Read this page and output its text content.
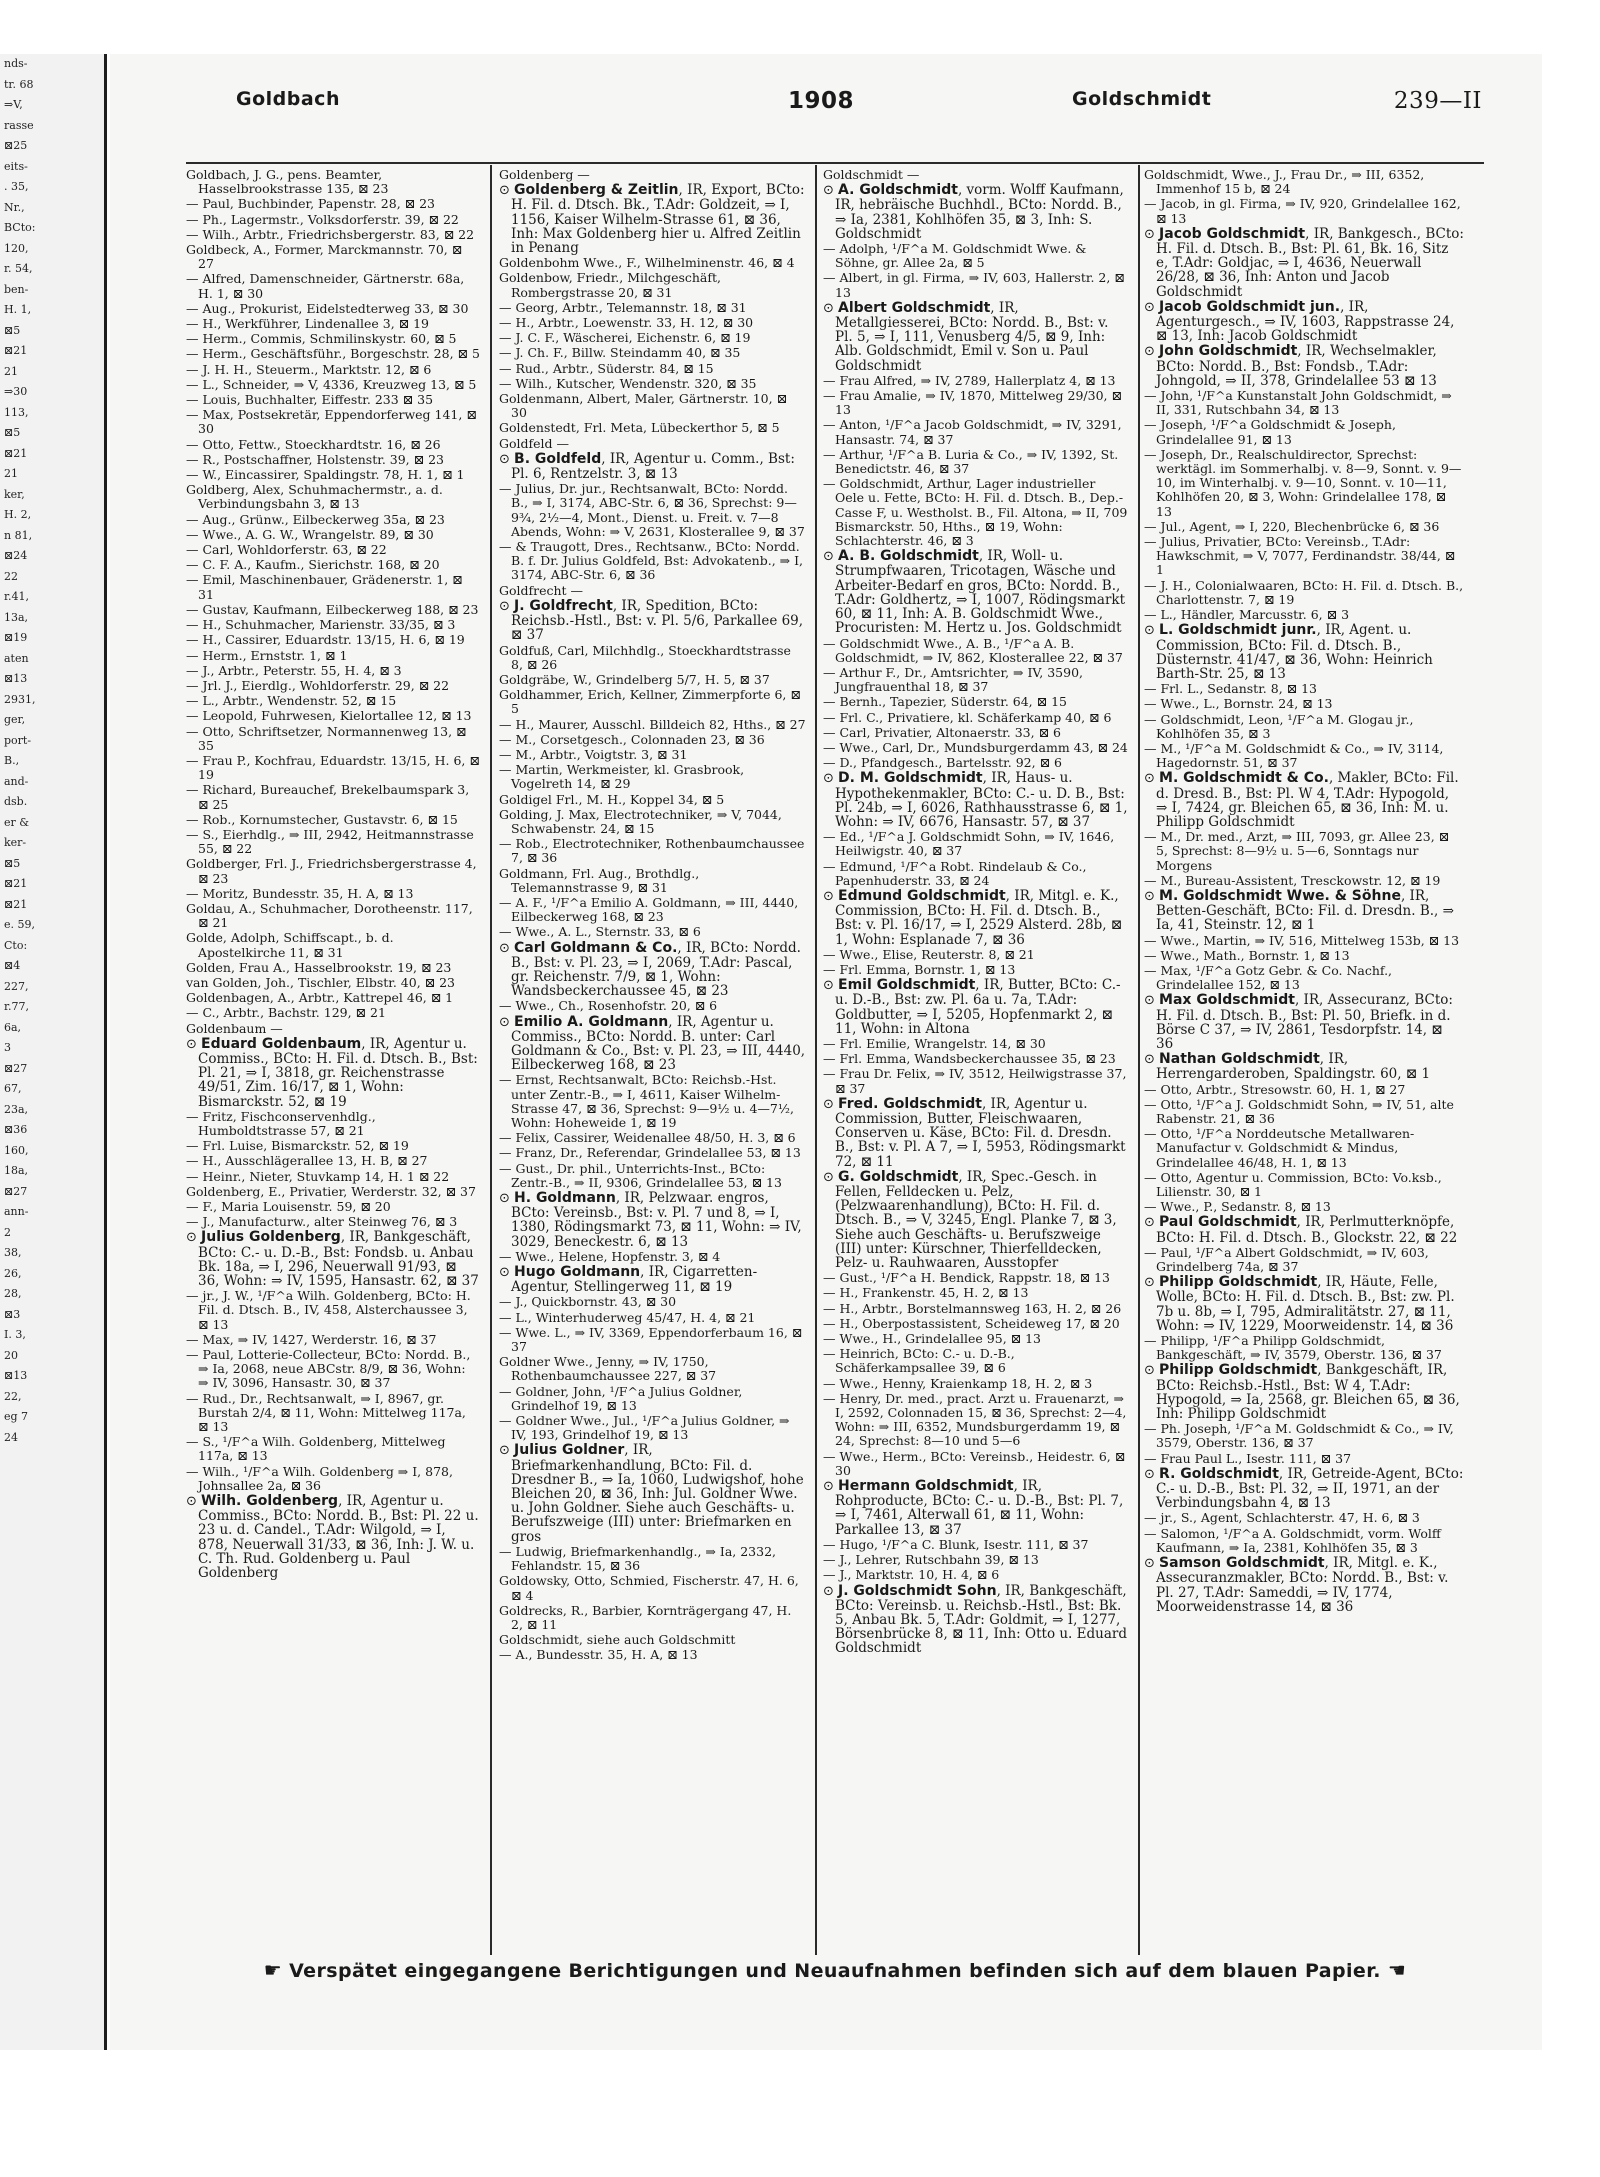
nds-
tr. 68
⇒V,
rasse
⊠25
eits-
. 35,
Nr.,
BCto:
120,
r. 54,
ben-
H. 1,
⊠5
⊠21
21
⇒30
113,
⊠5
⊠21
21
ker,
H. 2,
n 81,
⊠24
22
r.41,
13a,
⊠19
aten
⊠13
2931,
ger,
port-
B.,
and-
dsb.
er &
ker-
⊠5
⊠21
⊠21
e. 59,
Cto:
⊠4
227,
r.77,
6a,
3
⊠27
67,
23a,
⊠36
160,
18a,
⊠27
ann-
2
38,
26,
28,
⊠3
I. 3,
20
⊠13
22,
eg 7
24
Goldbach	1908	Goldschmidt	239—II
Goldbach, J. G., pens. Beamter, Hasselbrookstrasse 135, ⊠ 23
— Paul, Buchbinder, Papenstr. 28, ⊠ 23
— Ph., Lagermstr., Volksdorferstr. 39, ⊠ 22
— Wilh., Arbtr., Friedrichsbergerstr. 83, ⊠ 22
Goldbeck, A., Former, Marckmannstr. 70, ⊠ 27
— Alfred, Damenschneider, Gärtnerstr. 68a, H. 1, ⊠ 30
— Aug., Prokurist, Eidelstedterweg 33, ⊠ 30
— H., Werkführer, Lindenallee 3, ⊠ 19
— Herm., Commis, Schmilinskystr. 60, ⊠ 5
— Herm., Geschäftsführ., Borgeschstr. 28, ⊠ 5
— J. H. H., Steuerm., Marktstr. 12, ⊠ 6
— L., Schneider, ⇒ V, 4336, Kreuzweg 13, ⊠ 5
— Louis, Buchhalter, Eiffestr. 233 ⊠ 35
— Max, Postsekretär, Eppendorferweg 141, ⊠ 30
— Otto, Fettw., Stoeckhardtstr. 16, ⊠ 26
— R., Postschaffner, Holstenstr. 39, ⊠ 23
— W., Eincassirer, Spaldingstr. 78, H. 1, ⊠ 1
Goldberg, Alex, Schuhmachermstr., a. d. Verbindungsbahn 3, ⊠ 13
— Aug., Grünw., Eilbeckerweg 35a, ⊠ 23
— Wwe., A. G. W., Wrangelstr. 89, ⊠ 30
— Carl, Wohldorferstr. 63, ⊠ 22
— C. F. A., Kaufm., Sierichstr. 168, ⊠ 20
— Emil, Maschinenbauer, Grädenerstr. 1, ⊠ 31
— Gustav, Kaufmann, Eilbeckerweg 188, ⊠ 23
— H., Schuhmacher, Marienstr. 33/35, ⊠ 3
— H., Cassirer, Eduardstr. 13/15, H. 6, ⊠ 19
— Herm., Ernststr. 1, ⊠ 1
— J., Arbtr., Peterstr. 55, H. 4, ⊠ 3
— Jrl. J., Eierdlg., Wohldorferstr. 29, ⊠ 22
— L., Arbtr., Wendenstr. 52, ⊠ 15
— Leopold, Fuhrwesen, Kielortallee 12, ⊠ 13
— Otto, Schriftsetzer, Normannenweg 13, ⊠ 35
— Frau P., Kochfrau, Eduardstr. 13/15, H. 6, ⊠ 19
— Richard, Bureauchef, Brekelbaumspark 3, ⊠ 25
— Rob., Kornumstecher, Gustavstr. 6, ⊠ 15
— S., Eierhdlg., ⇒ III, 2942, Heitmannstrasse 55, ⊠ 22
Goldberger, Frl. J., Friedrichsbergerstrasse 4, ⊠ 23
— Moritz, Bundesstr. 35, H. A, ⊠ 13
Goldau, A., Schuhmacher, Dorotheenstr. 117, ⊠ 21
Golde, Adolph, Schiffscapt., b. d. Apostelkirche 11, ⊠ 31
Golden, Frau A., Hasselbrookstr. 19, ⊠ 23
van Golden, Joh., Tischler, Elbstr. 40, ⊠ 23
Goldenbagen, A., Arbtr., Kattrepel 46, ⊠ 1
— C., Arbtr., Bachstr. 129, ⊠ 21
Goldenbaum —
⊙ Eduard Goldenbaum, IR, Agentur u. Commiss., BCto: H. Fil. d. Dtsch. B., Bst: Pl. 21, ⇒ I, 3818, gr. Reichenstrasse 49/51, Zim. 16/17, ⊠ 1, Wohn: Bismarckstr. 52, ⊠ 19
— Fritz, Fischconservenhdlg., Humboldtstrasse 57, ⊠ 21
— Frl. Luise, Bismarckstr. 52, ⊠ 19
— H., Ausschlägerallee 13, H. B, ⊠ 27
— Heinr., Nieter, Stuvkamp 14, H. 1 ⊠ 22
Goldenberg, E., Privatier, Werderstr. 32, ⊠ 37
— F., Maria Louisenstr. 59, ⊠ 20
— J., Manufacturw., alter Steinweg 76, ⊠ 3
⊙ Julius Goldenberg, IR, Bankgeschäft, BCto: C.- u. D.-B., Bst: Fondsb. u. Anbau Bk. 18a, ⇒ I, 296, Neuerwall 91/93, ⊠ 36, Wohn: ⇒ IV, 1595, Hansastr. 62, ⊠ 37
— jr., J. W., ¹/F^a Wilh. Goldenberg, BCto: H. Fil. d. Dtsch. B., IV, 458, Alsterchaussee 3, ⊠ 13
— Max, ⇒ IV, 1427, Werderstr. 16, ⊠ 37
— Paul, Lotterie-Collecteur, BCto: Nordd. B., ⇒ Ia, 2068, neue ABCstr. 8/9, ⊠ 36, Wohn: ⇒ IV, 3096, Hansastr. 30, ⊠ 37
— Rud., Dr., Rechtsanwalt, ⇒ I, 8967, gr. Burstah 2/4, ⊠ 11, Wohn: Mittelweg 117a, ⊠ 13
— S., ¹/F^a Wilh. Goldenberg, Mittelweg 117a, ⊠ 13
— Wilh., ¹/F^a Wilh. Goldenberg ⇒ I, 878, Johnsallee 2a, ⊠ 36
⊙ Wilh. Goldenberg, IR, Agentur u. Commiss., BCto: Nordd. B., Bst: Pl. 22 u. 23 u. d. Candel., T.Adr: Wilgold, ⇒ I, 878, Neuerwall 31/33, ⊠ 36, Inh: J. W. u. C. Th. Rud. Goldenberg u. Paul Goldenberg
Goldenberg —
⊙ Goldenberg & Zeitlin, IR, Export, BCto: H. Fil. d. Dtsch. Bk., T.Adr: Goldzeit, ⇒ I, 1156, Kaiser Wilhelm-Strasse 61, ⊠ 36, Inh: Max Goldenberg hier u. Alfred Zeitlin in Penang
Goldenbohm Wwe., F., Wilhelminenstr. 46, ⊠ 4
Goldenbow, Friedr., Milchgeschäft, Rombergstrasse 20, ⊠ 31
— Georg, Arbtr., Telemannstr. 18, ⊠ 31
— H., Arbtr., Loewenstr. 33, H. 12, ⊠ 30
— J. C. F., Wäscherei, Eichenstr. 6, ⊠ 19
— J. Ch. F., Billw. Steindamm 40, ⊠ 35
— Rud., Arbtr., Süderstr. 84, ⊠ 15
— Wilh., Kutscher, Wendenstr. 320, ⊠ 35
Goldenmann, Albert, Maler, Gärtnerstr. 10, ⊠ 30
Goldenstedt, Frl. Meta, Lübeckerthor 5, ⊠ 5
Goldfeld —
⊙ B. Goldfeld, IR, Agentur u. Comm., Bst: Pl. 6, Rentzelstr. 3, ⊠ 13
— Julius, Dr. jur., Rechtsanwalt, BCto: Nordd. B., ⇒ I, 3174, ABC-Str. 6, ⊠ 36, Sprechst: 9—9¾, 2½—4, Mont., Dienst. u. Freit. v. 7—8 Abends, Wohn: ⇒ V, 2631, Klosterallee 9, ⊠ 37
— & Traugott, Dres., Rechtsanw., BCto: Nordd. B. f. Dr. Julius Goldfeld, Bst: Advokatenb., ⇒ I, 3174, ABC-Str. 6, ⊠ 36
Goldfrecht —
⊙ J. Goldfrecht, IR, Spedition, BCto: Reichsb.-Hstl., Bst: v. Pl. 5/6, Parkallee 69, ⊠ 37
Goldfuß, Carl, Milchhdlg., Stoeckhardtstrasse 8, ⊠ 26
Goldgräbe, W., Grindelberg 5/7, H. 5, ⊠ 37
Goldhammer, Erich, Kellner, Zimmerpforte 6, ⊠ 5
— H., Maurer, Ausschl. Billdeich 82, Hths., ⊠ 27
— M., Corsetgesch., Colonnaden 23, ⊠ 36
— M., Arbtr., Voigtstr. 3, ⊠ 31
— Martin, Werkmeister, kl. Grasbrook, Vogelreth 14, ⊠ 29
Goldigel Frl., M. H., Koppel 34, ⊠ 5
Golding, J. Max, Electrotechniker, ⇒ V, 7044, Schwabenstr. 24, ⊠ 15
— Rob., Electrotechniker, Rothenbaumchaussee 7, ⊠ 36
Goldmann, Frl. Aug., Brothdlg., Telemannstrasse 9, ⊠ 31
— A. F., ¹/F^a Emilio A. Goldmann, ⇒ III, 4440, Eilbeckerweg 168, ⊠ 23
— Wwe., A. L., Sternstr. 33, ⊠ 6
⊙ Carl Goldmann & Co., IR, BCto: Nordd. B., Bst: v. Pl. 23, ⇒ I, 2069, T.Adr: Pascal, gr. Reichenstr. 7/9, ⊠ 1, Wohn: Wandsbeckerchaussee 45, ⊠ 23
— Wwe., Ch., Rosenhofstr. 20, ⊠ 6
⊙ Emilio A. Goldmann, IR, Agentur u. Commiss., BCto: Nordd. B. unter: Carl Goldmann & Co., Bst: v. Pl. 23, ⇒ III, 4440, Eilbeckerweg 168, ⊠ 23
— Ernst, Rechtsanwalt, BCto: Reichsb.-Hst. unter Zentr.-B., ⇒ I, 4611, Kaiser Wilhelm-Strasse 47, ⊠ 36, Sprechst: 9—9½ u. 4—7½, Wohn: Hoheweide 1, ⊠ 19
— Felix, Cassirer, Weidenallee 48/50, H. 3, ⊠ 6
— Franz, Dr., Referendar, Grindelallee 53, ⊠ 13
— Gust., Dr. phil., Unterrichts-Inst., BCto: Zentr.-B., ⇒ II, 9306, Grindelallee 53, ⊠ 13
⊙ H. Goldmann, IR, Pelzwaar. engros, BCto: Vereinsb., Bst: v. Pl. 7 und 8, ⇒ I, 1380, Rödingsmarkt 73, ⊠ 11, Wohn: ⇒ IV, 3029, Beneckestr. 6, ⊠ 13
— Wwe., Helene, Hopfenstr. 3, ⊠ 4
⊙ Hugo Goldmann, IR, Cigarretten-Agentur, Stellingerweg 11, ⊠ 19
— J., Quickbornstr. 43, ⊠ 30
— L., Winterhuderweg 45/47, H. 4, ⊠ 21
— Wwe. L., ⇒ IV, 3369, Eppendorferbaum 16, ⊠ 37
Goldner Wwe., Jenny, ⇒ IV, 1750, Rothenbaumchaussee 227, ⊠ 37
— Goldner, John, ¹/F^a Julius Goldner, Grindelhof 19, ⊠ 13
— Goldner Wwe., Jul., ¹/F^a Julius Goldner, ⇒ IV, 193, Grindelhof 19, ⊠ 13
⊙ Julius Goldner, IR, Briefmarkenhandlung, BCto: Fil. d. Dresdner B., ⇒ Ia, 1060, Ludwigshof, hohe Bleichen 20, ⊠ 36, Inh: Jul. Goldner Wwe. u. John Goldner. Siehe auch Geschäfts- u. Berufszweige (III) unter: Briefmarken en gros
— Ludwig, Briefmarkenhandlg., ⇒ Ia, 2332, Fehlandstr. 15, ⊠ 36
Goldowsky, Otto, Schmied, Fischerstr. 47, H. 6, ⊠ 4
Goldrecks, R., Barbier, Kornträgergang 47, H. 2, ⊠ 11
Goldschmidt, siehe auch Goldschmitt
— A., Bundesstr. 35, H. A, ⊠ 13
Goldschmidt —
⊙ A. Goldschmidt, vorm. Wolff Kaufmann, IR, hebräische Buchhdl., BCto: Nordd. B., ⇒ Ia, 2381, Kohlhöfen 35, ⊠ 3, Inh: S. Goldschmidt
— Adolph, ¹/F^a M. Goldschmidt Wwe. & Söhne, gr. Allee 2a, ⊠ 5
— Albert, in gl. Firma, ⇒ IV, 603, Hallerstr. 2, ⊠ 13
⊙ Albert Goldschmidt, IR, Metallgiesserei, BCto: Nordd. B., Bst: v. Pl. 5, ⇒ I, 111, Venusberg 4/5, ⊠ 9, Inh: Alb. Goldschmidt, Emil v. Son u. Paul Goldschmidt
— Frau Alfred, ⇒ IV, 2789, Hallerplatz 4, ⊠ 13
— Frau Amalie, ⇒ IV, 1870, Mittelweg 29/30, ⊠ 13
— Anton, ¹/F^a Jacob Goldschmidt, ⇒ IV, 3291, Hansastr. 74, ⊠ 37
— Arthur, ¹/F^a B. Luria & Co., ⇒ IV, 1392, St. Benedictstr. 46, ⊠ 37
— Goldschmidt, Arthur, Lager industrieller Oele u. Fette, BCto: H. Fil. d. Dtsch. B., Dep.-Casse F, u. Westholst. B., Fil. Altona, ⇒ II, 709 Bismarckstr. 50, Hths., ⊠ 19, Wohn: Schlachterstr. 46, ⊠ 3
⊙ A. B. Goldschmidt, IR, Woll- u. Strumpfwaaren, Tricotagen, Wäsche und Arbeiter-Bedarf en gros, BCto: Nordd. B., T.Adr: Goldhertz, ⇒ I, 1007, Rödingsmarkt 60, ⊠ 11, Inh: A. B. Goldschmidt Wwe., Procuristen: M. Hertz u. Jos. Goldschmidt
— Goldschmidt Wwe., A. B., ¹/F^a A. B. Goldschmidt, ⇒ IV, 862, Klosterallee 22, ⊠ 37
— Arthur F., Dr., Amtsrichter, ⇒ IV, 3590, Jungfrauenthal 18, ⊠ 37
— Bernh., Tapezier, Süderstr. 64, ⊠ 15
— Frl. C., Privatiere, kl. Schäferkamp 40, ⊠ 6
— Carl, Privatier, Altonaerstr. 33, ⊠ 6
— Wwe., Carl, Dr., Mundsburgerdamm 43, ⊠ 24
— D., Pfandgesch., Bartelsstr. 92, ⊠ 6
⊙ D. M. Goldschmidt, IR, Haus- u. Hypothekenmakler, BCto: C.- u. D. B., Bst: Pl. 24b, ⇒ I, 6026, Rathhausstrasse 6, ⊠ 1, Wohn: ⇒ IV, 6676, Hansastr. 57, ⊠ 37
— Ed., ¹/F^a J. Goldschmidt Sohn, ⇒ IV, 1646, Heilwigstr. 40, ⊠ 37
— Edmund, ¹/F^a Robt. Rindelaub & Co., Papenhuderstr. 33, ⊠ 24
⊙ Edmund Goldschmidt, IR, Mitgl. e. K., Commission, BCto: H. Fil. d. Dtsch. B., Bst: v. Pl. 16/17, ⇒ I, 2529 Alsterd. 28b, ⊠ 1, Wohn: Esplanade 7, ⊠ 36
— Wwe., Elise, Reuterstr. 8, ⊠ 21
— Frl. Emma, Bornstr. 1, ⊠ 13
⊙ Emil Goldschmidt, IR, Butter, BCto: C.- u. D.-B., Bst: zw. Pl. 6a u. 7a, T.Adr: Goldbutter, ⇒ I, 5205, Hopfenmarkt 2, ⊠ 11, Wohn: in Altona
— Frl. Emilie, Wrangelstr. 14, ⊠ 30
— Frl. Emma, Wandsbeckerchaussee 35, ⊠ 23
— Frau Dr. Felix, ⇒ IV, 3512, Heilwigstrasse 37, ⊠ 37
⊙ Fred. Goldschmidt, IR, Agentur u. Commission, Butter, Fleischwaaren, Conserven u. Käse, BCto: Fil. d. Dresdn. B., Bst: v. Pl. A 7, ⇒ I, 5953, Rödingsmarkt 72, ⊠ 11
⊙ G. Goldschmidt, IR, Spec.-Gesch. in Fellen, Felldecken u. Pelz, (Pelzwaarenhandlung), BCto: H. Fil. d. Dtsch. B., ⇒ V, 3245, Engl. Planke 7, ⊠ 3, Siehe auch Geschäfts- u. Berufszweige (III) unter: Kürschner, Thierfelldecken, Pelz- u. Rauhwaaren, Ausstopfer
— Gust., ¹/F^a H. Bendick, Rappstr. 18, ⊠ 13
— H., Frankenstr. 45, H. 2, ⊠ 13
— H., Arbtr., Borstelmannsweg 163, H. 2, ⊠ 26
— H., Oberpostassistent, Scheideweg 17, ⊠ 20
— Wwe., H., Grindelallee 95, ⊠ 13
— Heinrich, BCto: C.- u. D.-B., Schäferkampsallee 39, ⊠ 6
— Wwe., Henny, Kraienkamp 18, H. 2, ⊠ 3
— Henry, Dr. med., pract. Arzt u. Frauenarzt, ⇒ I, 2592, Colonnaden 15, ⊠ 36, Sprechst: 2—4, Wohn: ⇒ III, 6352, Mundsburgerdamm 19, ⊠ 24, Sprechst: 8—10 und 5—6
— Wwe., Herm., BCto: Vereinsb., Heidestr. 6, ⊠ 30
⊙ Hermann Goldschmidt, IR, Rohproducte, BCto: C.- u. D.-B., Bst: Pl. 7, ⇒ I, 7461, Alterwall 61, ⊠ 11, Wohn: Parkallee 13, ⊠ 37
— Hugo, ¹/F^a C. Blunk, Isestr. 111, ⊠ 37
— J., Lehrer, Rutschbahn 39, ⊠ 13
— J., Marktstr. 10, H. 4, ⊠ 6
⊙ J. Goldschmidt Sohn, IR, Bankgeschäft, BCto: Vereinsb. u. Reichsb.-Hstl., Bst: Bk. 5, Anbau Bk. 5, T.Adr: Goldmit, ⇒ I, 1277, Börsenbrücke 8, ⊠ 11, Inh: Otto u. Eduard Goldschmidt
Goldschmidt, Wwe., J., Frau Dr., ⇒ III, 6352, Immenhof 15 b, ⊠ 24
— Jacob, in gl. Firma, ⇒ IV, 920, Grindelallee 162, ⊠ 13
⊙ Jacob Goldschmidt, IR, Bankgesch., BCto: H. Fil. d. Dtsch. B., Bst: Pl. 61, Bk. 16, Sitz e, T.Adr: Goldjac, ⇒ I, 4636, Neuerwall 26/28, ⊠ 36, Inh: Anton und Jacob Goldschmidt
⊙ Jacob Goldschmidt jun., IR, Agenturgesch., ⇒ IV, 1603, Rappstrasse 24, ⊠ 13, Inh: Jacob Goldschmidt
⊙ John Goldschmidt, IR, Wechselmakler, BCto: Nordd. B., Bst: Fondsb., T.Adr: Johngold, ⇒ II, 378, Grindelallee 53 ⊠ 13
— John, ¹/F^a Kunstanstalt John Goldschmidt, ⇒ II, 331, Rutschbahn 34, ⊠ 13
— Joseph, ¹/F^a Goldschmidt & Joseph, Grindelallee 91, ⊠ 13
— Joseph, Dr., Realschuldirector, Sprechst: werktägl. im Sommerhalbj. v. 8—9, Sonnt. v. 9—10, im Winterhalbj. v. 9—10, Sonnt. v. 10—11, Kohlhöfen 20, ⊠ 3, Wohn: Grindelallee 178, ⊠ 13
— Jul., Agent, ⇒ I, 220, Blechenbrücke 6, ⊠ 36
— Julius, Privatier, BCto: Vereinsb., T.Adr: Hawkschmit, ⇒ V, 7077, Ferdinandstr. 38/44, ⊠ 1
— J. H., Colonialwaaren, BCto: H. Fil. d. Dtsch. B., Charlottenstr. 7, ⊠ 19
— L., Händler, Marcusstr. 6, ⊠ 3
⊙ L. Goldschmidt junr., IR, Agent. u. Commission, BCto: Fil. d. Dtsch. B., Düsternstr. 41/47, ⊠ 36, Wohn: Heinrich Barth-Str. 25, ⊠ 13
— Frl. L., Sedanstr. 8, ⊠ 13
— Wwe., L., Bornstr. 24, ⊠ 13
— Goldschmidt, Leon, ¹/F^a M. Glogau jr., Kohlhöfen 35, ⊠ 3
— M., ¹/F^a M. Goldschmidt & Co., ⇒ IV, 3114, Hagedornstr. 51, ⊠ 37
⊙ M. Goldschmidt & Co., Makler, BCto: Fil. d. Dresd. B., Bst: Pl. W 4, T.Adr: Hypogold, ⇒ I, 7424, gr. Bleichen 65, ⊠ 36, Inh: M. u. Philipp Goldschmidt
— M., Dr. med., Arzt, ⇒ III, 7093, gr. Allee 23, ⊠ 5, Sprechst: 8—9½ u. 5—6, Sonntags nur Morgens
— M., Bureau-Assistent, Tresckowstr. 12, ⊠ 19
⊙ M. Goldschmidt Wwe. & Söhne, IR, Betten-Geschäft, BCto: Fil. d. Dresdn. B., ⇒ Ia, 41, Steinstr. 12, ⊠ 1
— Wwe., Martin, ⇒ IV, 516, Mittelweg 153b, ⊠ 13
— Wwe., Math., Bornstr. 1, ⊠ 13
— Max, ¹/F^a Gotz Gebr. & Co. Nachf., Grindelallee 152, ⊠ 13
⊙ Max Goldschmidt, IR, Assecuranz, BCto: H. Fil. d. Dtsch. B., Bst: Pl. 50, Briefk. in d. Börse C 37, ⇒ IV, 2861, Tesdorpfstr. 14, ⊠ 36
⊙ Nathan Goldschmidt, IR, Herrengarderoben, Spaldingstr. 60, ⊠ 1
— Otto, Arbtr., Stresowstr. 60, H. 1, ⊠ 27
— Otto, ¹/F^a J. Goldschmidt Sohn, ⇒ IV, 51, alte Rabenstr. 21, ⊠ 36
— Otto, ¹/F^a Norddeutsche Metallwaren-Manufactur v. Goldschmidt & Mindus, Grindelallee 46/48, H. 1, ⊠ 13
— Otto, Agentur u. Commission, BCto: Vo.ksb., Lilienstr. 30, ⊠ 1
— Wwe., P., Sedanstr. 8, ⊠ 13
⊙ Paul Goldschmidt, IR, Perlmutterknöpfe, BCto: H. Fil. d. Dtsch. B., Glockstr. 22, ⊠ 22
— Paul, ¹/F^a Albert Goldschmidt, ⇒ IV, 603, Grindelberg 74a, ⊠ 37
⊙ Philipp Goldschmidt, IR, Häute, Felle, Wolle, BCto: H. Fil. d. Dtsch. B., Bst: zw. Pl. 7b u. 8b, ⇒ I, 795, Admiralitätstr. 27, ⊠ 11, Wohn: ⇒ IV, 1229, Moorweidenstr. 14, ⊠ 36
— Philipp, ¹/F^a Philipp Goldschmidt, Bankgeschäft, ⇒ IV, 3579, Oberstr. 136, ⊠ 37
⊙ Philipp Goldschmidt, Bankgeschäft, IR, BCto: Reichsb.-Hstl., Bst: W 4, T.Adr: Hypogold, ⇒ Ia, 2568, gr. Bleichen 65, ⊠ 36, Inh: Philipp Goldschmidt
— Ph. Joseph, ¹/F^a M. Goldschmidt & Co., ⇒ IV, 3579, Oberstr. 136, ⊠ 37
— Frau Paul L., Isestr. 111, ⊠ 37
⊙ R. Goldschmidt, IR, Getreide-Agent, BCto: C.- u. D.-B., Bst: Pl. 32, ⇒ II, 1971, an der Verbindungsbahn 4, ⊠ 13
— jr., S., Agent, Schlachterstr. 47, H. 6, ⊠ 3
— Salomon, ¹/F^a A. Goldschmidt, vorm. Wolff Kaufmann, ⇒ Ia, 2381, Kohlhöfen 35, ⊠ 3
⊙ Samson Goldschmidt, IR, Mitgl. e. K., Assecuranzmakler, BCto: Nordd. B., Bst: v. Pl. 27, T.Adr: Sameddi, ⇒ IV, 1774, Moorweidenstrasse 14, ⊠ 36
☛ Verspätet eingegangene Berichtigungen und Neuaufnahmen befinden sich auf dem blauen Papier. ☚
